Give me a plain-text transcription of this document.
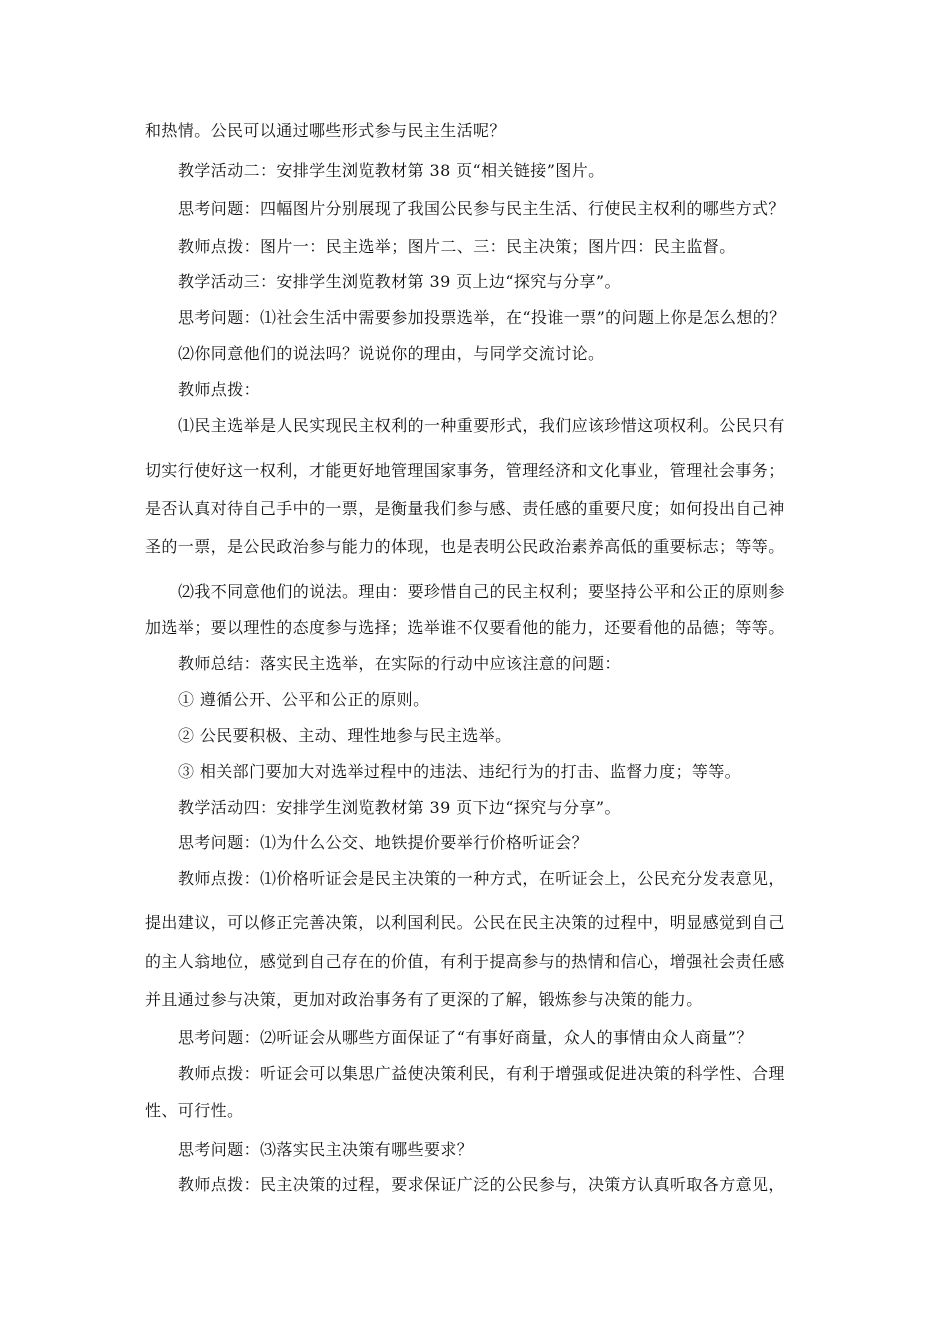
和热情。公民可以通过哪些形式参与民主生活呢？
教学活动二：安排学生浏览教材第 38 页“相关链接”图片。
思考问题：四幅图片分别展现了我国公民参与民主生活、行使民主权利的哪些方式？
教师点拨：图片一：民主选举；图片二、三：民主决策；图片四：民主监督。
教学活动三：安排学生浏览教材第 39 页上边“探究与分享”。
思考问题：⑴社会生活中需要参加投票选举，在“投谁一票”的问题上你是怎么想的？
⑵你同意他们的说法吗？说说你的理由，与同学交流讨论。
教师点拨：
⑴民主选举是人民实现民主权利的一种重要形式，我们应该珍惜这项权利。公民只有
切实行使好这一权利，才能更好地管理国家事务，管理经济和文化事业，管理社会事务；
是否认真对待自己手中的一票，是衡量我们参与感、责任感的重要尺度；如何投出自己神
圣的一票，是公民政治参与能力的体现，也是表明公民政治素养高低的重要标志；等等。
⑵我不同意他们的说法。理由：要珍惜自己的民主权利；要坚持公平和公正的原则参
加选举；要以理性的态度参与选择；选举谁不仅要看他的能力，还要看他的品德；等等。
教师总结：落实民主选举，在实际的行动中应该注意的问题：
① 遵循公开、公平和公正的原则。
② 公民要积极、主动、理性地参与民主选举。
③ 相关部门要加大对选举过程中的违法、违纪行为的打击、监督力度；等等。
教学活动四：安排学生浏览教材第 39 页下边“探究与分享”。
思考问题：⑴为什么公交、地铁提价要举行价格听证会？
教师点拨：⑴价格听证会是民主决策的一种方式，在听证会上，公民充分发表意见，
提出建议，可以修正完善决策，以利国利民。公民在民主决策的过程中，明显感觉到自己
的主人翁地位，感觉到自己存在的价值，有利于提高参与的热情和信心，增强社会责任感
并且通过参与决策，更加对政治事务有了更深的了解，锻炼参与决策的能力。
思考问题：⑵听证会从哪些方面保证了“有事好商量，众人的事情由众人商量”？
教师点拨：听证会可以集思广益使决策利民，有利于增强或促进决策的科学性、合理
性、可行性。
思考问题：⑶落实民主决策有哪些要求？
教师点拨：民主决策的过程，要求保证广泛的公民参与，决策方认真听取各方意见，
